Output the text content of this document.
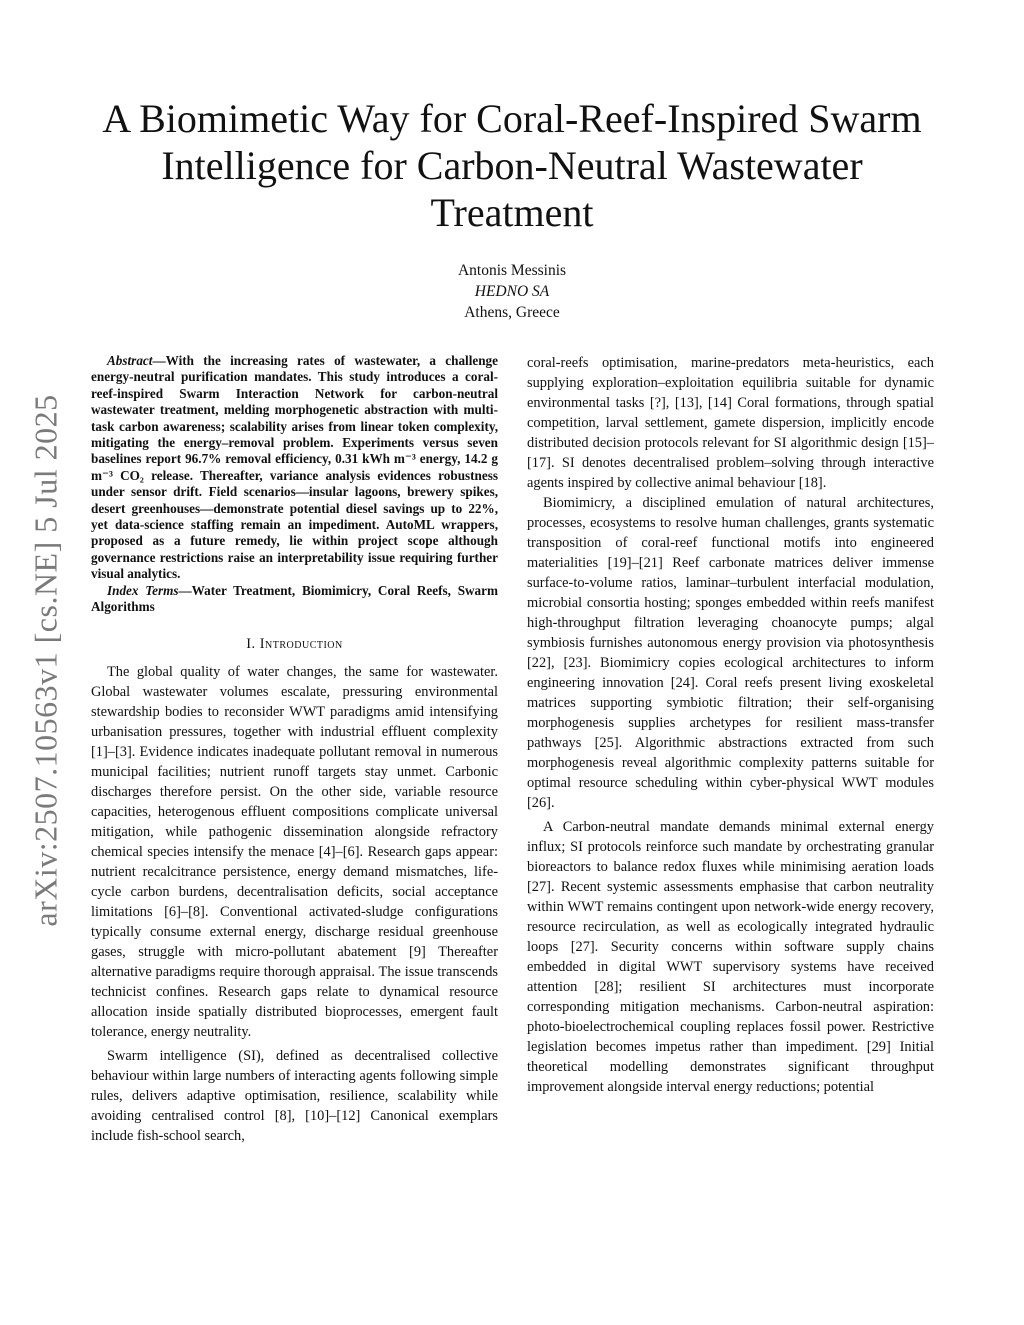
arXiv:2507.10563v1 [cs.NE] 5 Jul 2025
A Biomimetic Way for Coral-Reef-Inspired Swarm Intelligence for Carbon-Neutral Wastewater Treatment
Antonis Messinis
HEDNO SA
Athens, Greece

Abstract—With the increasing rates of wastewater, a challenge energy-neutral purification mandates. This study introduces a coral-reef-inspired Swarm Interaction Network for carbon-neutral wastewater treatment, melding morphogenetic abstraction with multi-task carbon awareness; scalability arises from linear token complexity, mitigating the energy–removal problem. Experiments versus seven baselines report 96.7% removal efficiency, 0.31 kWh m⁻³ energy, 14.2 g m⁻³ CO₂ release. Thereafter, variance analysis evidences robustness under sensor drift. Field scenarios—insular lagoons, brewery spikes, desert greenhouses—demonstrate potential diesel savings up to 22%, yet data-science staffing remain an impediment. AutoML wrappers, proposed as a future remedy, lie within project scope although governance restrictions raise an interpretability issue requiring further visual analytics.

Index Terms—Water Treatment, Biomimicry, Coral Reefs, Swarm Algorithms

I. Introduction

The global quality of water changes, the same for wastewater. Global wastewater volumes escalate, pressuring environmental stewardship bodies to reconsider WWT paradigms amid intensifying urbanisation pressures, together with industrial effluent complexity [1]–[3]. Evidence indicates inadequate pollutant removal in numerous municipal facilities; nutrient runoff targets stay unmet. Carbonic discharges therefore persist. On the other side, variable resource capacities, heterogenous effluent compositions complicate universal mitigation, while pathogenic dissemination alongside refractory chemical species intensify the menace [4]–[6]. Research gaps appear: nutrient recalcitrance persistence, energy demand mismatches, life-cycle carbon burdens, decentralisation deficits, social acceptance limitations [6]–[8]. Conventional activated-sludge configurations typically consume external energy, discharge residual greenhouse gases, struggle with micro-pollutant abatement [9] Thereafter alternative paradigms require thorough appraisal. The issue transcends technicist confines. Research gaps relate to dynamical resource allocation inside spatially distributed bioprocesses, emergent fault tolerance, energy neutrality.

Swarm intelligence (SI), defined as decentralised collective behaviour within large numbers of interacting agents following simple rules, delivers adaptive optimisation, resilience, scalability while avoiding centralised control [8], [10]–[12] Canonical exemplars include fish-school search,

coral-reefs optimisation, marine-predators meta-heuristics, each supplying exploration–exploitation equilibria suitable for dynamic environmental tasks [?], [13], [14] Coral formations, through spatial competition, larval settlement, gamete dispersion, implicitly encode distributed decision protocols relevant for SI algorithmic design [15]–[17]. SI denotes decentralised problem–solving through interactive agents inspired by collective animal behaviour [18].

Biomimicry, a disciplined emulation of natural architectures, processes, ecosystems to resolve human challenges, grants systematic transposition of coral-reef functional motifs into engineered materialities [19]–[21] Reef carbonate matrices deliver immense surface-to-volume ratios, laminar–turbulent interfacial modulation, microbial consortia hosting; sponges embedded within reefs manifest high-throughput filtration leveraging choanocyte pumps; algal symbiosis furnishes autonomous energy provision via photosynthesis [22], [23]. Biomimicry copies ecological architectures to inform engineering innovation [24]. Coral reefs present living exoskeletal matrices supporting symbiotic filtration; their self-organising morphogenesis supplies archetypes for resilient mass-transfer pathways [25]. Algorithmic abstractions extracted from such morphogenesis reveal algorithmic complexity patterns suitable for optimal resource scheduling within cyber-physical WWT modules [26].

A Carbon-neutral mandate demands minimal external energy influx; SI protocols reinforce such mandate by orchestrating granular bioreactors to balance redox fluxes while minimising aeration loads [27]. Recent systemic assessments emphasise that carbon neutrality within WWT remains contingent upon network-wide energy recovery, resource recirculation, as well as ecologically integrated hydraulic loops [27]. Security concerns within software supply chains embedded in digital WWT supervisory systems have received attention [28]; resilient SI architectures must incorporate corresponding mitigation mechanisms. Carbon-neutral aspiration: photo-bioelectrochemical coupling replaces fossil power. Restrictive legislation becomes impetus rather than impediment. [29] Initial theoretical modelling demonstrates significant throughput improvement alongside interval energy reductions; potential
